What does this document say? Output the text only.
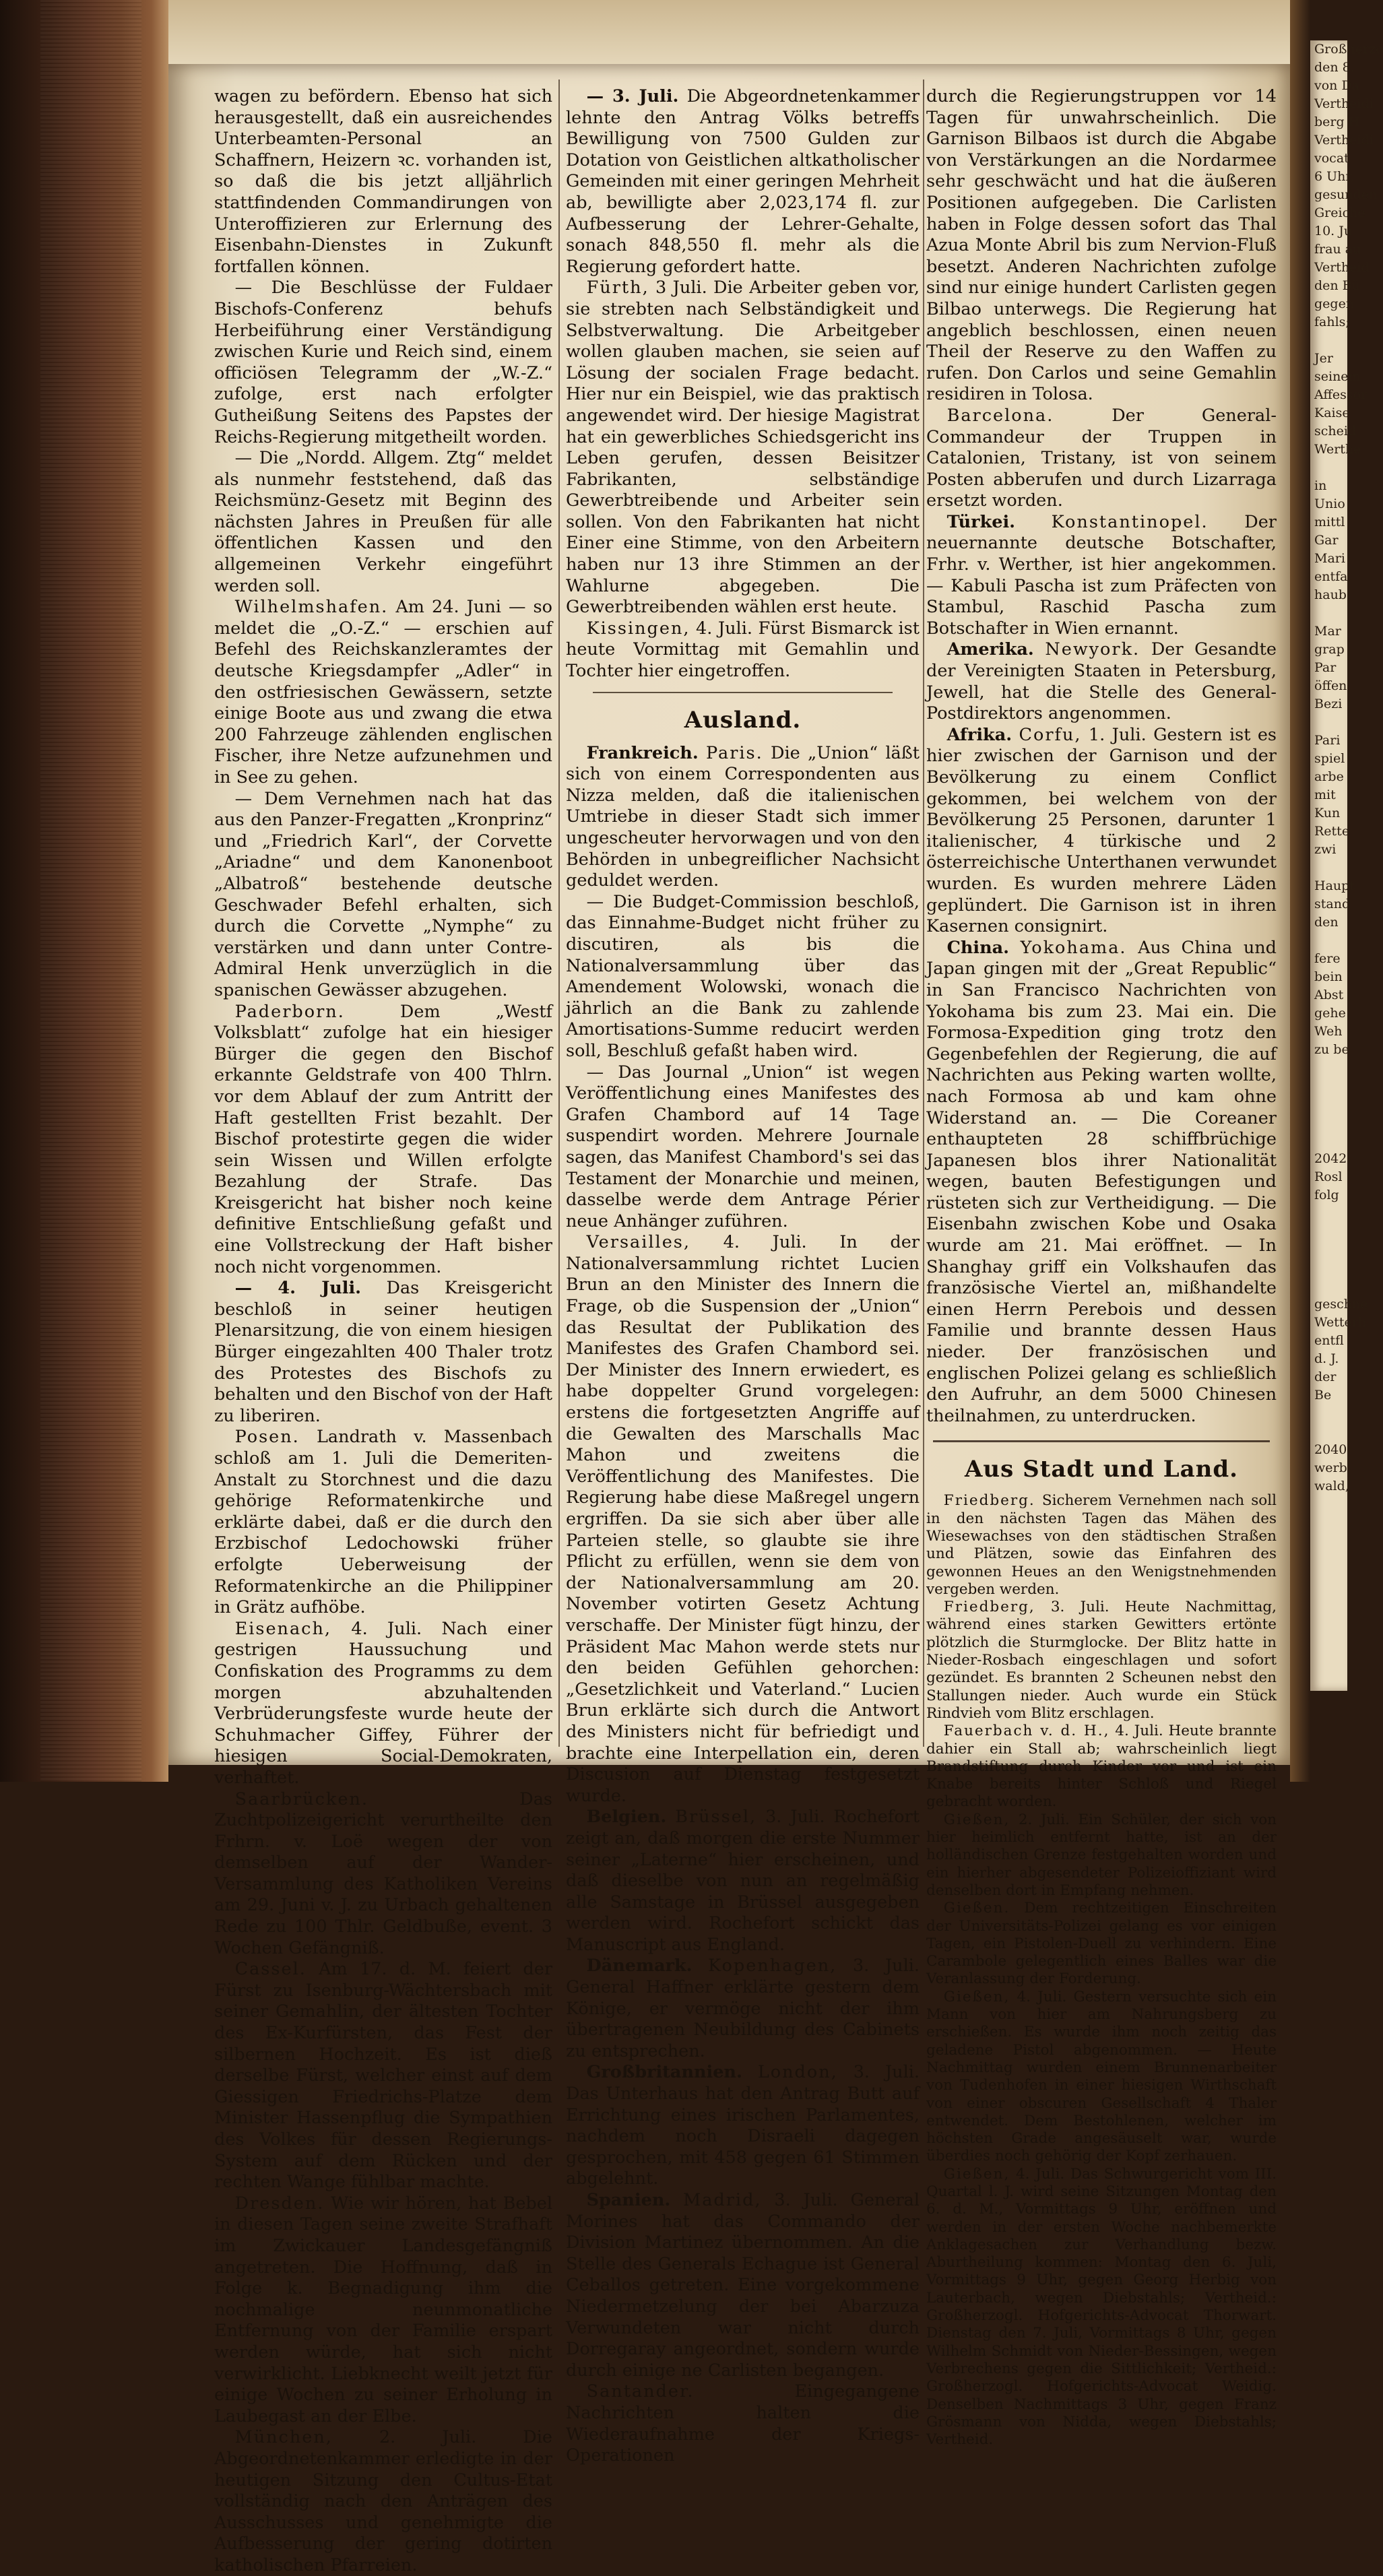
wagen zu befördern. Ebenso hat sich herausgestellt, daß ein ausreichendes Unterbeamten-Personal an Schaffnern, Heizern ꝛc. vorhanden ist, so daß die bis jetzt alljährlich stattfindenden Commandirungen von Unteroffizieren zur Erlernung des Eisenbahn-Dienstes in Zukunft fortfallen können.

— Die Beschlüsse der Fuldaer Bischofs-Conferenz behufs Herbeiführung einer Verständigung zwischen Kurie und Reich sind, einem officiösen Telegramm der „W.-Z.“ zufolge, erst nach erfolgter Gutheißung Seitens des Papstes der Reichs-Regierung mitgetheilt worden.

— Die „Nordd. Allgem. Ztg“ meldet als nunmehr feststehend, daß das Reichsmünz-Gesetz mit Beginn des nächsten Jahres in Preußen für alle öffentlichen Kassen und den allgemeinen Verkehr eingeführt werden soll.

Wilhelmshafen. Am 24. Juni — so meldet die „O.-Z.“ — erschien auf Befehl des Reichskanzleramtes der deutsche Kriegsdampfer „Adler“ in den ostfriesischen Gewässern, setzte einige Boote aus und zwang die etwa 200 Fahrzeuge zählenden englischen Fischer, ihre Netze aufzunehmen und in See zu gehen.

— Dem Vernehmen nach hat das aus den Panzer-Fregatten „Kronprinz“ und „Friedrich Karl“, der Corvette „Ariadne“ und dem Kanonenboot „Albatroß“ bestehende deutsche Geschwader Befehl erhalten, sich durch die Corvette „Nymphe“ zu verstärken und dann unter Contre-Admiral Henk unverzüglich in die spanischen Gewässer abzugehen.

Paderborn.	Dem „Westf Volksblatt“ zufolge hat ein hiesiger Bürger die gegen den Bischof erkannte Geldstrafe von 400 Thlrn. vor dem Ablauf der zum Antritt der Haft gestellten Frist bezahlt. Der Bischof protestirte gegen die wider sein Wissen und Willen erfolgte Bezahlung der Strafe. Das Kreisgericht hat bisher noch keine definitive Entschließung gefaßt und eine Vollstreckung der Haft bisher noch nicht vorgenommen.

— 4. Juli. Das Kreisgericht beschloß in seiner heutigen Plenarsitzung, die von einem hiesigen Bürger eingezahlten 400 Thaler trotz des Protestes des Bischofs zu behalten und den Bischof von der Haft zu liberiren.

Posen. Landrath v. Massenbach schloß am 1. Juli die Demeriten-Anstalt zu Storchnest und die dazu gehörige Reformatenkirche und erklärte dabei, daß er die durch den Erzbischof Ledochowski früher erfolgte Ueberweisung der Reformatenkirche an die Philippiner in Grätz aufhöbe.

Eisenach, 4. Juli. Nach einer gestrigen Haussuchung und Confiskation des Programms zu dem morgen abzuhaltenden Verbrüderungsfeste wurde heute der Schuhmacher Giffey, Führer der hiesigen Social-Demokraten, verhaftet.

Saarbrücken.	Das Zuchtpolizeigericht verurtheilte den Frhrn. v. Loë wegen der von demselben auf der Wander-Versammlung des Katholiken Vereins am 29. Juni v. J. zu Urbach gehaltenen Rede zu 100 Thlr. Geldbuße, event. 3 Wochen Gefängniß.

Cassel. Am 17. d. M. feiert der Fürst zu Isenburg-Wächtersbach mit seiner Gemahlin, der ältesten Tochter des Ex-Kurfürsten, das Fest der silbernen Hochzeit. Es ist dieß derselbe Fürst, welcher einst auf dem Giessigen Friedrichs-Platze dem Minister Hassenpflug die Sympathien des Volkes für dessen Regierungs-System auf dem Rücken und der rechten Wange fühlbar machte.

Dresden. Wie wir hören, hat Bebel in diesen Tagen seine zweite Strafhaft im Zwickauer Landesgefängniß angetreten. Die Hoffnung, daß in Folge k. Begnadigung ihm die nochmalige neunmonatliche Entfernung von der Familie erspart werden würde, hat sich nicht verwirklicht. Liebknecht weilt jetzt für einige Wochen zu seiner Erholung in Laubegast an der Elbe.

München,	2. Juli. Die Abgeordnetenkammer erledigte in der heutigen Sitzung den Cultus-Etat vollständig nach den Anträgen des Ausschusses und genehmigte die Aufbesserung der gering dotirten katholischen Pfarreien.

— 3. Juli. Die Abgeordnetenkammer lehnte den Antrag Völks betreffs Bewilligung von 7500 Gulden zur Dotation von Geistlichen altkatholischer Gemeinden mit einer geringen Mehrheit ab, bewilligte aber 2,023,174 fl. zur Aufbesserung der Lehrer-Gehalte, sonach 848,550 fl. mehr als die Regierung gefordert hatte.

Fürth, 3 Juli. Die Arbeiter geben vor, sie strebten nach Selbständigkeit und Selbstverwaltung. Die Arbeitgeber wollen glauben machen, sie seien auf Lösung der socialen Frage bedacht. Hier nur ein Beispiel, wie das praktisch angewendet wird. Der hiesige Magistrat hat ein gewerbliches Schiedsgericht ins Leben gerufen, dessen Beisitzer Fabrikanten, selbständige Gewerbtreibende und Arbeiter sein sollen. Von den Fabrikanten hat nicht Einer eine Stimme, von den Arbeitern haben nur 13 ihre Stimmen an der Wahlurne abgegeben. Die Gewerbtreibenden wählen erst heute.

Kissingen, 4. Juli. Fürst Bismarck ist heute Vormittag mit Gemahlin und Tochter hier eingetroffen.

Ausland.

Frankreich. Paris. Die „Union“ läßt sich von einem Correspondenten aus Nizza melden, daß die italienischen Umtriebe in dieser Stadt sich immer ungescheuter hervorwagen und von den Behörden in unbegreiflicher Nachsicht geduldet werden.

— Die Budget-Commission beschloß, das Einnahme-Budget nicht früher zu discutiren, als bis die Nationalversammlung über das Amendement Wolowski, wonach die jährlich an die Bank zu zahlende Amortisations-Summe reducirt werden soll, Beschluß gefaßt haben wird.

— Das Journal „Union“ ist wegen Veröffentlichung eines Manifestes des Grafen Chambord auf 14 Tage suspendirt worden. Mehrere Journale sagen, das Manifest Chambord's sei das Testament der Monarchie und meinen, dasselbe werde dem Antrage Périer neue Anhänger zuführen.

Versailles, 4. Juli. In der Nationalversammlung richtet Lucien Brun an den Minister des Innern die Frage, ob die Suspension der „Union“ das Resultat der Publikation des Manifestes des Grafen Chambord sei. Der Minister des Innern erwiedert, es habe doppelter Grund vorgelegen: erstens die fortgesetzten Angriffe auf die Gewalten des Marschalls Mac Mahon und zweitens die Veröffentlichung des Manifestes. Die Regierung habe diese Maßregel ungern ergriffen. Da sie sich aber über alle Parteien stelle, so glaubte sie ihre Pflicht zu erfüllen, wenn sie dem von der Nationalversammlung am 20. November votirten Gesetz Achtung verschaffe. Der Minister fügt hinzu, der Präsident Mac Mahon werde stets nur den beiden Gefühlen gehorchen: „Gesetzlichkeit und Vaterland.“ Lucien Brun erklärte sich durch die Antwort des Ministers nicht für befriedigt und brachte eine Interpellation ein, deren Discusion auf Dienstag festgesetzt wurde.

Belgien. Brüssel, 3. Juli. Rochefort zeigt an, daß morgen die erste Nummer seiner „Laterne“ hier erscheinen, und daß dieselbe von nun an regelmäßig alle Samstage in Brüssel ausgegeben werden wird. Rochefort schickt das Manuscript aus England.

Dänemark. Kopenhagen, 3. Juli. General Haffner erklärte gestern dem Könige, er vermöge nicht der ihm übertragenen Neubildung des Cabinets zu entsprechen.

Großbritannien. London, 3. Juli. Das Unterhaus hat den Antrag Butt auf Errichtung eines irischen Parlamentes, nachdem noch Disraeli dagegen gesprochen, mit 458 gegen 61 Stimmen abgelehnt.

Spanien. Madrid, 3. Juli. General Morines hat das Commando der Division Martinez übernommen. An die Stelle des Generals Echague ist General Ceballos getreten. Eine vorgekommene Niedermetzelung der bei Abarzuza Verwundeten war nicht durch Dorregaray angeordnet, sondern wurde durch einige ne Carlisten begangen.

Santander.	Eingegangene Nachrichten halten die Wiederaufnahme der Kriegs-Operationen

durch die Regierungstruppen vor 14 Tagen für unwahrscheinlich. Die Garnison Bilbaos ist durch die Abgabe von Verstärkungen an die Nordarmee sehr geschwächt und hat die äußeren Positionen aufgegeben. Die Carlisten haben in Folge dessen sofort das Thal Azua Monte Abril bis zum Nervion-Fluß besetzt. Anderen Nachrichten zufolge sind nur einige hundert Carlisten gegen Bilbao unterwegs. Die Regierung hat angeblich beschlossen, einen neuen Theil der Reserve zu den Waffen zu rufen. Don Carlos und seine Gemahlin residiren in Tolosa.

Barcelona.	Der General-Commandeur der Truppen in Catalonien, Tristany, ist von seinem Posten abberufen und durch Lizarraga ersetzt worden.

Türkei. Konstantinopel. Der neuernannte deutsche Botschafter, Frhr. v. Werther, ist hier angekommen. — Kabuli Pascha ist zum Präfecten von Stambul, Raschid Pascha zum Botschafter in Wien ernannt.

Amerika. Newyork. Der Gesandte der Vereinigten Staaten in Petersburg, Jewell, hat die Stelle des General-Postdirektors angenommen.

Afrika. Corfu, 1. Juli. Gestern ist es hier zwischen der Garnison und der Bevölkerung zu einem Conflict gekommen, bei welchem von der Bevölkerung 25 Personen, darunter 1 italienischer, 4 türkische und 2 österreichische Unterthanen verwundet wurden. Es wurden mehrere Läden geplündert. Die Garnison ist in ihren Kasernen consignirt.

China. Yokohama. Aus China und Japan gingen mit der „Great Republic“ in San Francisco Nachrichten von Yokohama bis zum 23. Mai ein. Die Formosa-Expedition ging trotz den Gegenbefehlen der Regierung, die auf Nachrichten aus Peking warten wollte, nach Formosa ab und kam ohne Widerstand an. — Die Coreaner enthaupteten 28 schiffbrüchige Japanesen blos ihrer Nationalität wegen, bauten Befestigungen und rüsteten sich zur Vertheidigung. — Die Eisenbahn zwischen Kobe und Osaka wurde am 21. Mai eröffnet. — In Shanghay griff ein Volkshaufen das französische Viertel an, mißhandelte einen Herrn Perebois und dessen Familie und brannte dessen Haus nieder. Der französischen und englischen Polizei gelang es schließlich den Aufruhr, an dem 5000 Chinesen theilnahmen, zu unterdrucken.

Aus Stadt und Land.

Friedberg. Sicherem Vernehmen nach soll in den nächsten Tagen das Mähen des Wiesewachses von den städtischen Straßen und Plätzen, sowie das Einfahren des gewonnen Heues an den Wenigstnehmenden vergeben werden.

Friedberg, 3. Juli. Heute Nachmittag, während eines starken Gewitters ertönte plötzlich die Sturmglocke. Der Blitz hatte in Nieder-Rosbach eingeschlagen und sofort gezündet. Es brannten 2 Scheunen nebst den Stallungen nieder. Auch wurde ein Stück Rindvieh vom Blitz erschlagen.

Fauerbach v. d. H., 4. Juli. Heute brannte dahier ein Stall ab; wahrscheinlich liegt Brandstiftung durch Kinder vor und ist ein Knabe bereits hinter Schloß und Riegel gebracht worden.

Gießen, 2. Juli. Ein Schüler, der sich von hier heimlich entfernt hatte, ist an der holländischen Grenze festgehalten worden und ein hierher abgesendeter Polizeioffiziant wird denselben dort in Empfang nehmen.

Gießen. Dem rechtzeitigen Einschreiten der Universitäts-Polizei gelang es vor einigen Tagen, ein Pistolen-Duell zu verhindern. Eine Carambole gelegentlich eines Balles war die Veranlassung der Forderung.

Gießen, 4. Juli. Gestern versuchte sich ein Mann von hier am Nahrungsberg zu erschießen. Es wurde ihm noch zeitig das geladene Pistol abgenommen. — Heute Nachmittag wurden einem Brunnenarbeiter von Tudenhofen in einer hiesigen Wirthschaft von einer obscuren Gesellschaft 4 Thaler entwendet. Dem Bestohlenen, welcher im höchsten Grade angesäuselt war, wurde überdies noch gehörig der Kopf zerhauen.

Gießen, 4. Juli. Das Schwurgericht vom III. Quartal l. J. wird seine Sitzungen Montag den 6. d. M., Vormittags 9 Uhr, eröffnen und werden in der ersten Woche nachbemerkte Anklagesachen zur Verhandlung bezw. Aburtheilung kommen: Montag den 6. Juli, Vormittags 9 Uhr, gegen Georg Herbig von Lauterbach, wegen Diebstahls; Vertheid.: Großherzogl. Hofgerichts-Advocat Thorwart. Dienstag den 7. Juli, Vormittags 8 Uhr, gegen Wilhelm Schmidt von Nieder-Bessingen, wegen Verbrechens gegen die Sittlichkeit; Vertheid.: Großherzogl. Hofgerichts-Advocat Weidig. Denselben Nachmittags 3 Uhr, gegen Franz Grösmann von Nidda, wegen Diebstahls; Vertheid.

Großherzo
den 8.
von Da
Vertheidi
berg H
Vertheidi
vocat
6 Uhr,
gesunden
Greiche
10. Ju
frau au
Vertheid
den Bü
gegen
fahls;
Jer
seinem
Affessor
Kaise
scheid
Werthe
in
Unio
mittl
Gar
Mari
entfa
haub
Mar
grap
Par
öffen
Bezi
Pari
spiel
arbe
mit
Kun
Rette
zwi
Haupt
stand
den
fere
bein
Abst
gehe
Weh
zu be
2042
Rosl
folg
geschne
Wetterh
entfl
d. J.
der
Be
2040
werb
wald,
